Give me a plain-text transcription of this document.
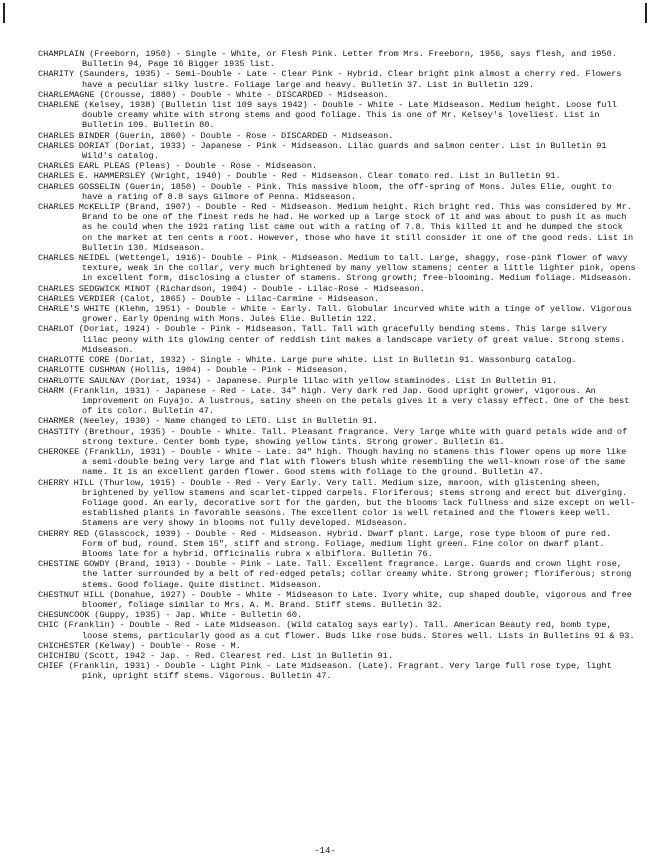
CHAMPLAIN (Freeborn, 1950) - Single - White, or Flesh Pink. Letter from Mrs. Freeborn, 1956, says flesh, and 1950. Bulletin 94, Page 16 Bigger 1935 list.
CHARITY (Saunders, 1935) - Semi-Double - Late - Clear Pink - Hybrid. Clear bright pink almost a cherry red. Flowers have a peculiar silky lustre. Foliage large and heavy. Bulletin 37. List in Bulletin 129.
CHARLEMAGNE (Crousse, 1880) - Double - White - DISCARDED - Midseason.
CHARLENE (Kelsey, 1938) (Bulletin list 109 says 1942) - Double - White - Late Midseason. Medium height. Loose full double creamy white with strong stems and good foliage. This is one of Mr. Kelsey's loveliest. List in Bulletin 109. Bulletin 80.
CHARLES BINDER (Guerin, 1860) - Double - Rose - DISCARDED - Midseason.
CHARLES DORIAT (Doriat, 1933) - Japanese - Pink - Midseason. Lilac guards and salmon center. List in Bulletin 91 Wild's catalog.
CHARLES EARL PLEAS (Pleas) - Double - Rose - Midseason.
CHARLES E. HAMMERSLEY (Wright, 1940) - Double - Red - Midseason. Clear tomato red. List in Bulletin 91.
CHARLES GOSSELIN (Guerin, 1850) - Double - Pink. This massive bloom, the off-spring of Mons. Jules Elie, ought to have a rating of 8.8 says Gilmore of Penna. Midseason.
CHARLES McKELLIP (Brand, 1907) - Double - Red - Midseason. Medium height. Rich bright red. This was considered by Mr. Brand to be one of the finest reds he had. He worked up a large stock of it and was about to push it as much as he could when the 1921 rating list came out with a rating of 7.8. This killed it and he dumped the stock on the market at ten cents a root. However, those who have it still consider it one of the good reds. List in Bulletin 130. Midseason.
CHARLES NEIDEL (Wettengel, 1916)- Double - Pink - Midseason. Medium to tall. Large, shaggy, rose-pink flower of wavy texture, weak in the collar, very much brightened by many yellow stamens; center a little lighter pink, opens in excellent form, disclosing a cluster of stamens. Strong growth; free-blooming. Medium foliage. Midseason.
CHARLES SEDGWICK MINOT (Richardson, 1904) - Double - Lilac-Rose - Midseason.
CHARLES VERDIER (Calot, 1865) - Double - Lilac-Carmine - Midseason.
CHARLE'S WHITE (Klehm, 1951) - Double - White - Early. Tall. Globular incurved white with a tinge of yellow. Vigorous grower. Early Opening with Mons. Jules Elie. Bulletin 122.
CHARLOT (Doriat, 1924) - Double - Pink - Midseason. Tall. Tall with gracefully bending stems. This large silvery lilac peony with its glowing center of reddish tint makes a landscape variety of great value. Strong stems. Midseason.
CHARLOTTE CORE (Doriat, 1932) - Single - White. Large pure white. List in Bulletin 91. Wassonburg catalog.
CHARLOTTE CUSHMAN (Hollis, 1904) - Double - Pink - Midseason.
CHARLOTTE SAULNAY (Doriat, 1934) - Japanese. Purple lilac with yellow staminodes. List in Bulletin 91.
CHARM (Franklin, 1931) - Japanese - Red - Late. 34" high. Very dark red Jap. Good upright grower, vigorous. An improvement on Fuyajo. A lustrous, satiny sheen on the petals gives it a very classy effect. One of the best of its color. Bulletin 47.
CHARMER (Neeley, 1930) - Name changed to LETO. List in Bulletin 91.
CHASTITY (Brethour, 1935) - Double - White. Tall. Pleasant fragrance. Very large white with guard petals wide and of strong texture. Center bomb type, showing yellow tints. Strong grower. Bulletin 61.
CHEROKEE (Franklin, 1931) - Double - White - Late. 34" high. Though having no stamens this flower opens up more like a semi-double being very large and flat with flowers blush white resembling the well-known rose of the same name. It is an excellent garden flower. Good stems with foliage to the ground. Bulletin 47.
CHERRY HILL (Thurlow, 1915) - Double - Red - Very Early. Very tall. Medium size, maroon, with glistening sheen, brightened by yellow stamens and scarlet-tipped carpels. Floriferous; stems strong and erect but diverging. Foliage good. An early, decorative sort for the garden, but the blooms lack fullness and size except on well-established plants in favorable seasons. The excellent color is well retained and the flowers keep well. Stamens are very showy in blooms not fully developed. Midseason.
CHERRY RED (Glasscock, 1939) - Double - Red - Midseason. Hybrid. Dwarf plant. Large, rose type bloom of pure red. Form of bud, round. Stem 15", stiff and strong. Foliage, medium light green. Fine color on dwarf plant. Blooms late for a hybrid. Officinalis rubra x albiflora. Bulletin 76.
CHESTINE GOWDY (Brand, 1913) - Double - Pink - Late. Tall. Excellent fragrance. Large. Guards and crown light rose, the latter surrounded by a belt of red-edged petals; collar creamy white. Strong grower; floriferous; strong stems. Good foliage. Quite distinct. Midseason.
CHESTNUT HILL (Donahue, 1927) - Double - White - Midseason to Late. Ivory white, cup shaped double, vigorous and free bloomer, foliage similar to Mrs. A. M. Brand. Stiff stems. Bulletin 32.
CHESUNCOOK (Guppy, 1935) - Jap. White - Bulletin 60.
CHIC (Franklin) - Double - Red - Late Midseason. (Wild catalog says early). Tall. American Beauty red, bomb type, loose stems, particularly good as a cut flower. Buds like rose buds. Stores well. Lists in Bulletins 91 & 93.
CHICHESTER (Kelway) - Double - Rose - M.
CHICHIBU (Scott, 1942 - Jap. - Red. Clearest red. List in Bulletin 91.
CHIEF (Franklin, 1931) - Double - Light Pink - Late Midseason. (Late). Fragrant. Very large full rose type, light pink, upright stiff stems. Vigorous. Bulletin 47.
-14-
